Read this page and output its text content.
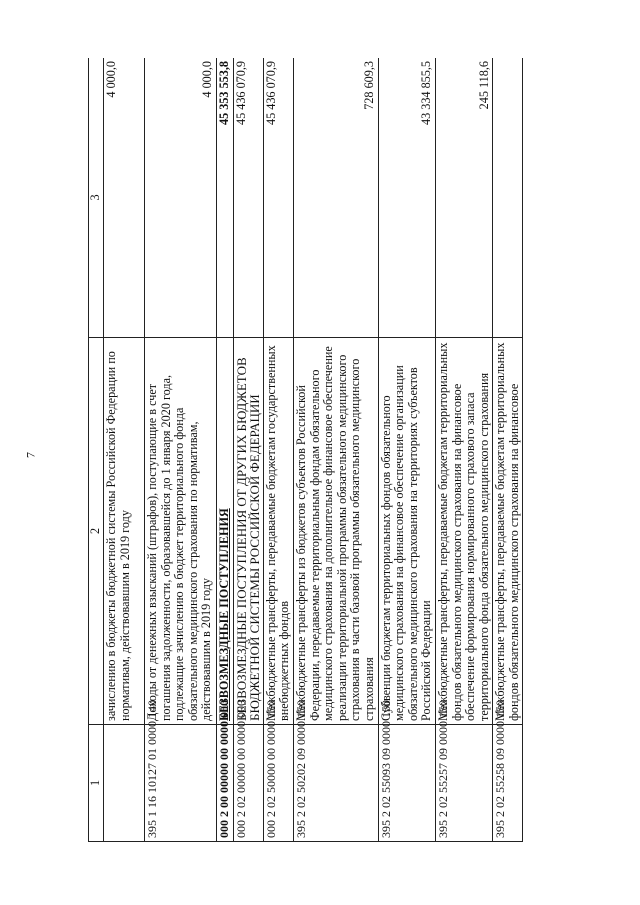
7
1	2	3
	зачислению в бюджеты бюджетной системы Российской Федерации по нормативам, действовавшим в 2019 году	4 000,0
395 1 16 10127 01 0000 140	Доходы от денежных взысканий (штрафов), поступающие в счет погашения задолженности, образовавшейся до 1 января 2020 года, подлежащие зачислению в бюджет территориального фонда обязательного медицинского страхования по нормативам, действовавшим в 2019 году	4 000,0
000 2 00 00000 00 0000 000	БЕЗВОЗМЕЗДНЫЕ ПОСТУПЛЕНИЯ	45 353 553,8
000 2 02 00000 00 0000 000	БЕЗВОЗМЕЗДНЫЕ ПОСТУПЛЕНИЯ ОТ ДРУГИХ БЮДЖЕТОВ БЮДЖЕТНОЙ СИСТЕМЫ РОССИЙСКОЙ ФЕДЕРАЦИИ	45 436 070,9
000 2 02 50000 00 0000 150	Межбюджетные трансферты, передаваемые бюджетам государственных внебюджетных фондов	45 436 070,9
395 2 02 50202 09 0000 150	Межбюджетные трансферты из бюджетов субъектов Российской Федерации, передаваемые территориальным фондам обязательного медицинского страхования на дополнительное финансовое обеспечение реализации территориальной программы обязательного медицинского страхования в части базовой программы обязательного медицинского страхования	728 609,3
395 2 02 55093 09 0000 150	Субвенции бюджетам территориальных фондов обязательного медицинского страхования на финансовое обеспечение организации обязательного медицинского страхования на территориях субъектов Российской Федерации	43 334 855,5
395 2 02 55257 09 0000 150	Межбюджетные трансферты, передаваемые бюджетам территориальных фондов обязательного медицинского страхования на финансовое обеспечение формирования нормированного страхового запаса территориального фонда обязательного медицинского страхования	245 118,6
395 2 02 55258 09 0000 150	Межбюджетные трансферты, передаваемые бюджетам территориальных фондов обязательного медицинского страхования на финансовое	
